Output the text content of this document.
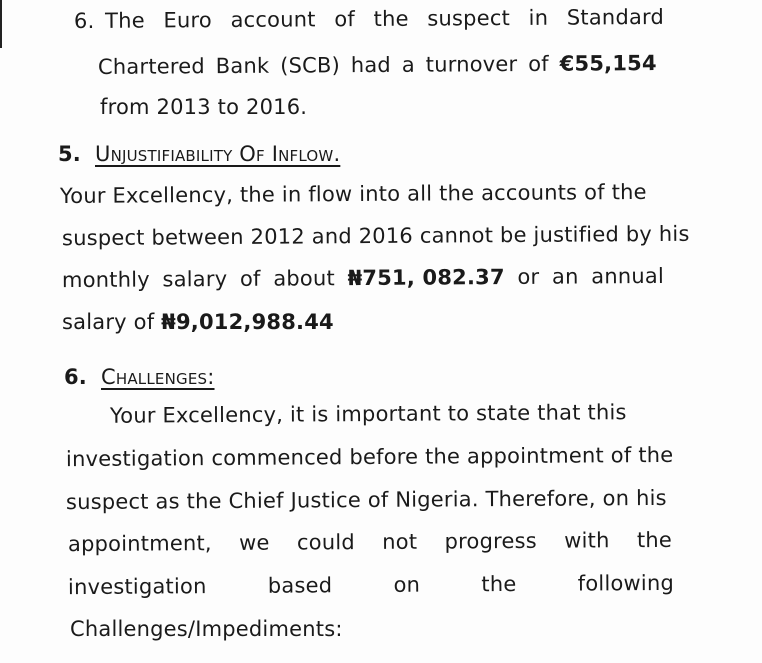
6. The Euro account of the suspect in Standard
Chartered Bank (SCB) had a turnover of €55,154
from 2013 to 2016.
5. Unjustifiability Of Inflow.
Your Excellency, the in flow into all the accounts of the
suspect between 2012 and 2016 cannot be justified by his
monthly salary of about ₦751, 082.37 or an annual
salary of ₦9,012,988.44
6. Challenges:
Your Excellency, it is important to state that this
investigation commenced before the appointment of the
suspect as the Chief Justice of Nigeria. Therefore, on his
appointment, we could not progress with the
investigation	based	on	the	following
Challenges/Impediments:
